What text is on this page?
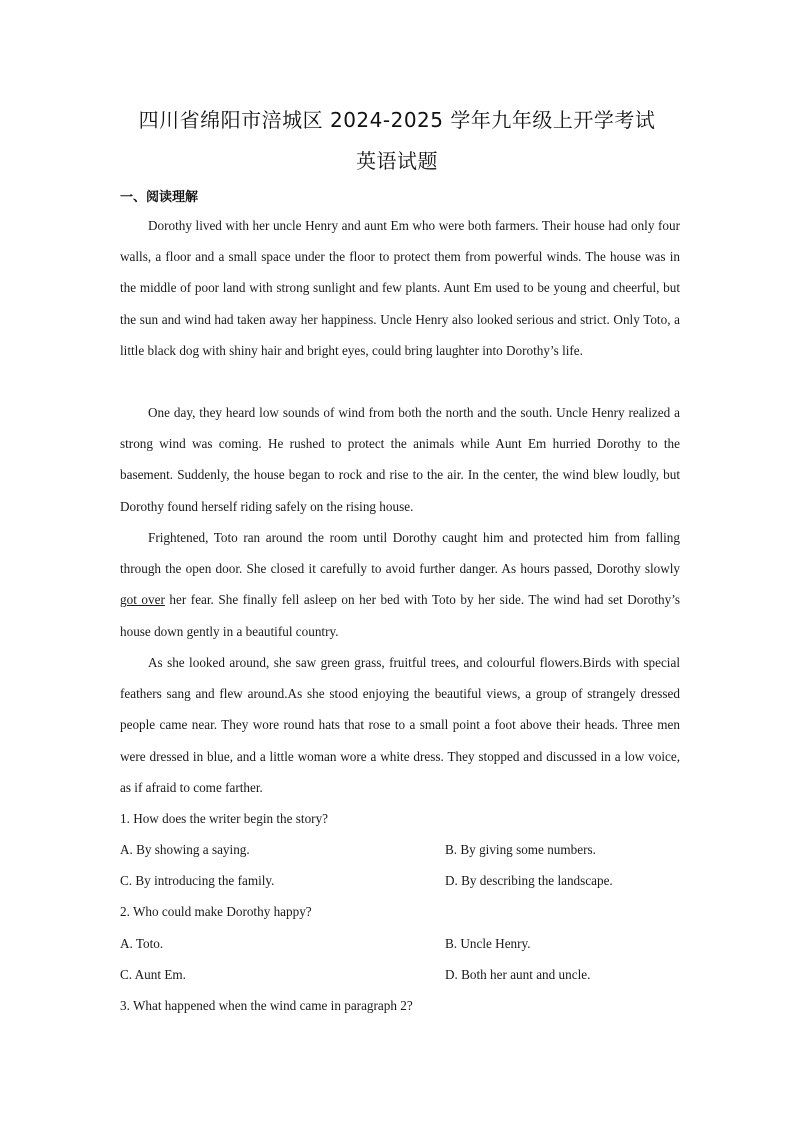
四川省绵阳市涪城区 2024-2025 学年九年级上开学考试
英语试题
一、阅读理解

Dorothy lived with her uncle Henry and aunt Em who were both farmers. Their house had only four walls, a floor and a small space under the floor to protect them from powerful winds. The house was in the middle of poor land with strong sunlight and few plants. Aunt Em used to be young and cheerful, but the sun and wind had taken away her happiness. Uncle Henry also looked serious and strict. Only Toto, a little black dog with shiny hair and bright eyes, could bring laughter into Dorothy’s life.

One day, they heard low sounds of wind from both the north and the south. Uncle Henry realized a strong wind was coming. He rushed to protect the animals while Aunt Em hurried Dorothy to the basement. Suddenly, the house began to rock and rise to the air. In the center, the wind blew loudly, but Dorothy found herself riding safely on the rising house.

Frightened, Toto ran around the room until Dorothy caught him and protected him from falling through the open door. She closed it carefully to avoid further danger. As hours passed, Dorothy slowly got over her fear. She finally fell asleep on her bed with Toto by her side. The wind had set Dorothy’s house down gently in a beautiful country.

As she looked around, she saw green grass, fruitful trees, and colourful flowers.Birds with special feathers sang and flew around.As she stood enjoying the beautiful views, a group of strangely dressed people came near. They wore round hats that rose to a small point a foot above their heads. Three men were dressed in blue, and a little woman wore a white dress. They stopped and discussed in a low voice, as if afraid to come farther.

1. How does the writer begin the story?
A. By showing a saying.	B. By giving some numbers.
C. By introducing the family.	D. By describing the landscape.
2. Who could make Dorothy happy?
A. Toto.	B. Uncle Henry.
C. Aunt Em.	D. Both her aunt and uncle.
3. What happened when the wind came in paragraph 2?
